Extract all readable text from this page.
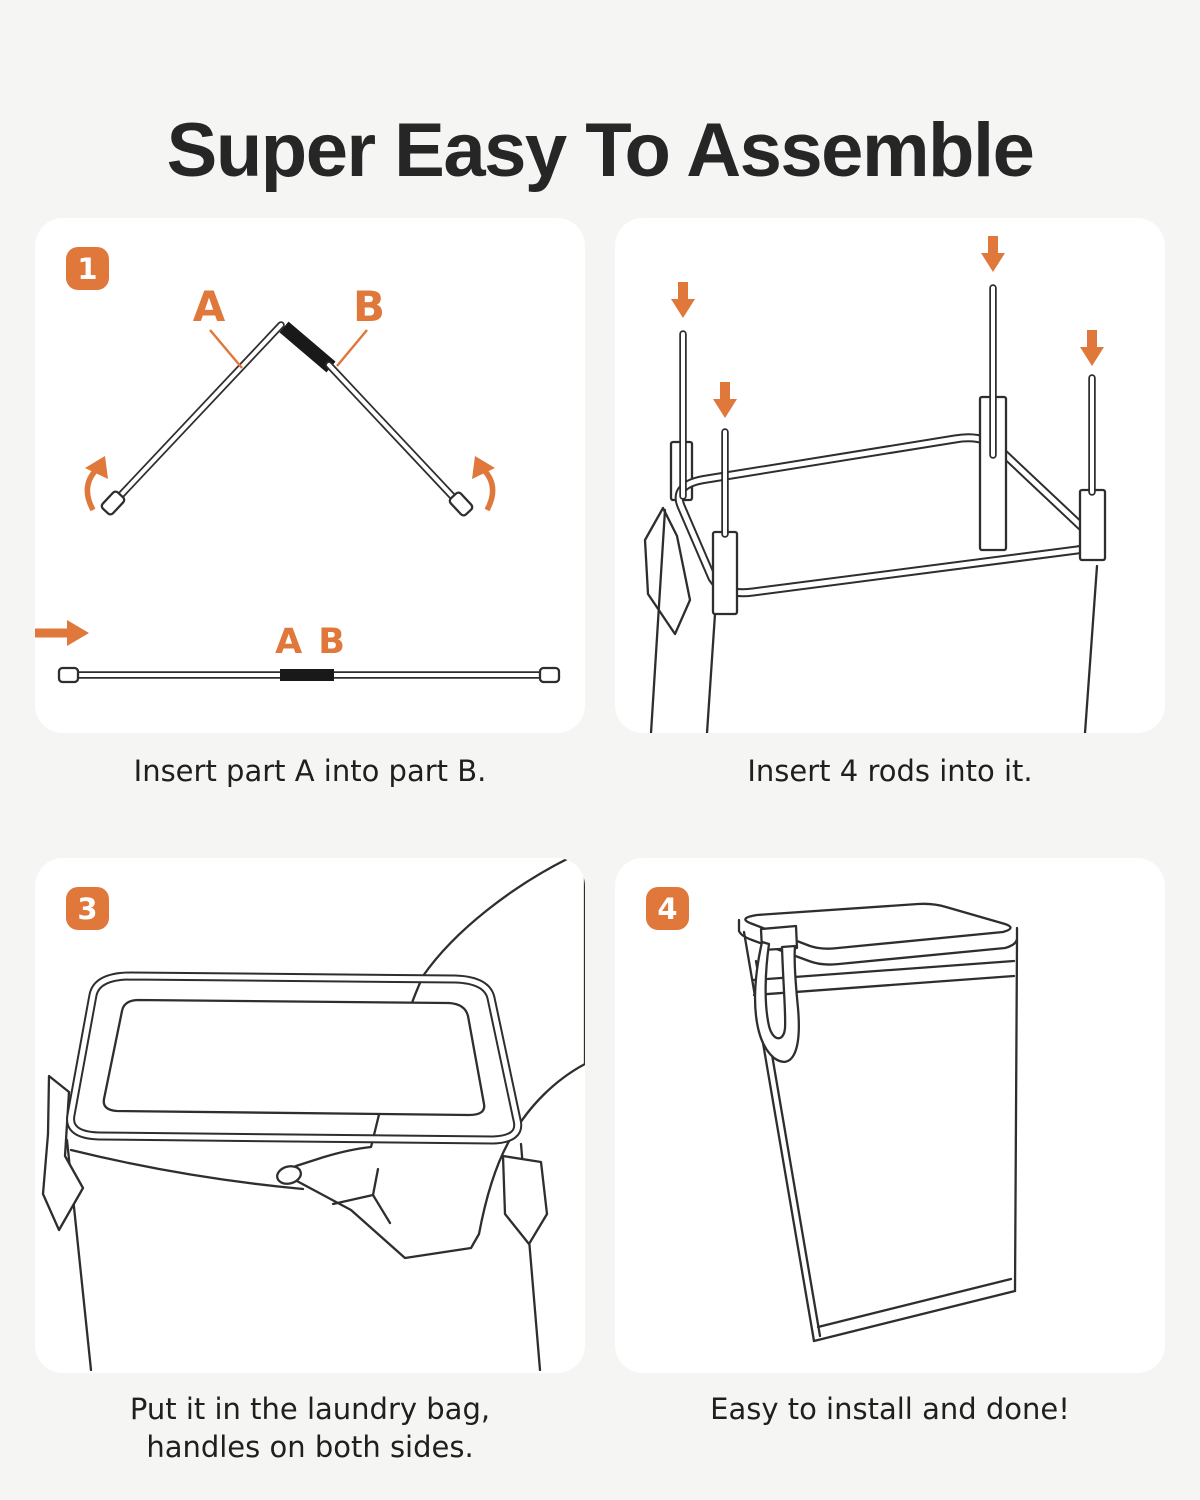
Super Easy To Assemble
1
A	B
A B
3	4
Insert part A into part B.	Insert 4 rods into it.
Put it in the laundry bag,
handles on both sides.
Easy to install and done!
